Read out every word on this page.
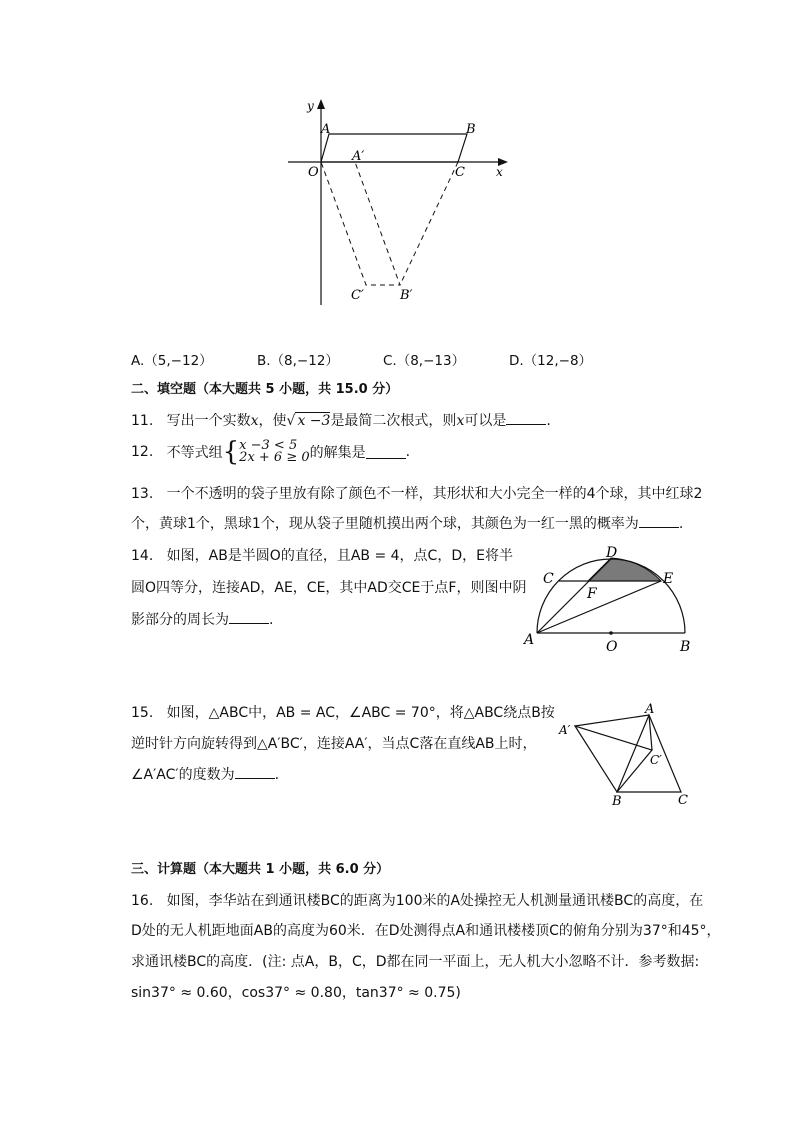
y
A	B
O
A′
C	x
C′	B′
A.（5,−12）	B.（8,−12）	C.（8,−13）	D.（12,−8）
二、填空题（本大题共 5 小题，共 15.0 分）
11. 写出一个实数x，使√ x −3是最简二次根式，则x可以是	.
12. 不等式组{ x −3 < 5
2x + 6 ≥ 0 的解集是	.
13. 一个不透明的袋子里放有除了颜色不一样，其形状和大小完全一样的4个球，其中红球2
个，黄球1个，黑球1个，现从袋子里随机摸出两个球，其颜色为一红一黑的概率为	.
14. 如图，AB是半圆O的直径，且AB = 4，点C，D，E将半
圆O四等分，连接AD，AE，CE，其中AD交CE于点F，则图中阴
影部分的周长为	.
D
C	E
F
A	O	B
15. 如图，△ABC中，AB = AC，∠ABC = 70°，将△ABC绕点B按
逆时针方向旋转得到△A′BC′，连接AA′，当点C落在直线AB上时，
∠A′AC′的度数为	.
A′
A
C′
B	C
三、计算题（本大题共 1 小题，共 6.0 分）
16. 如图，李华站在到通讯楼BC的距离为100米的A处操控无人机测量通讯楼BC的高度，在
D处的无人机距地面AB的高度为60米．在D处测得点A和通讯楼楼顶C的俯角分别为37°和45°，
求通讯楼BC的高度．(注: 点A，B，C，D都在同一平面上，无人机大小忽略不计．参考数据:
sin37° ≈ 0.60，cos37° ≈ 0.80，tan37° ≈ 0.75)
